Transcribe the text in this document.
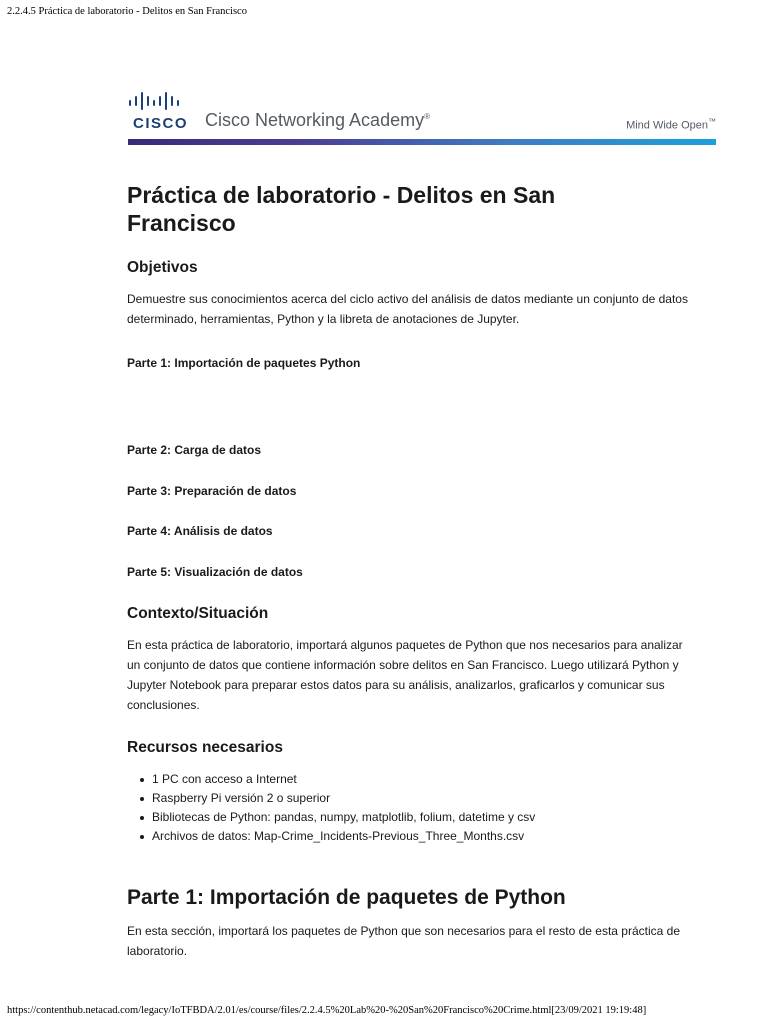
2.2.4.5 Práctica de laboratorio - Delitos en San Francisco
CISCO Cisco Networking Academy®
Mind Wide Open™
Práctica de laboratorio - Delitos en San Francisco
Objetivos

Demuestre sus conocimientos acerca del ciclo activo del análisis de datos mediante un conjunto de datos determinado, herramientas, Python y la libreta de anotaciones de Jupyter.

Parte 1: Importación de paquetes Python

Parte 2: Carga de datos

Parte 3: Preparación de datos

Parte 4: Análisis de datos

Parte 5: Visualización de datos

Contexto/Situación

En esta práctica de laboratorio, importará algunos paquetes de Python que nos necesarios para analizar un conjunto de datos que contiene información sobre delitos en San Francisco. Luego utilizará Python y Jupyter Notebook para preparar estos datos para su análisis, analizarlos, graficarlos y comunicar sus conclusiones.

Recursos necesarios
1 PC con acceso a Internet
Raspberry Pi versión 2 o superior
Bibliotecas de Python: pandas, numpy, matplotlib, folium, datetime y csv
Archivos de datos: Map-Crime_Incidents-Previous_Three_Months.csv
Parte 1: Importación de paquetes de Python

En esta sección, importará los paquetes de Python que son necesarios para el resto de esta práctica de laboratorio.

https://contenthub.netacad.com/legacy/IoTFBDA/2.01/es/course/files/2.2.4.5%20Lab%20-%20San%20Francisco%20Crime.html[23/09/2021 19:19:48]
